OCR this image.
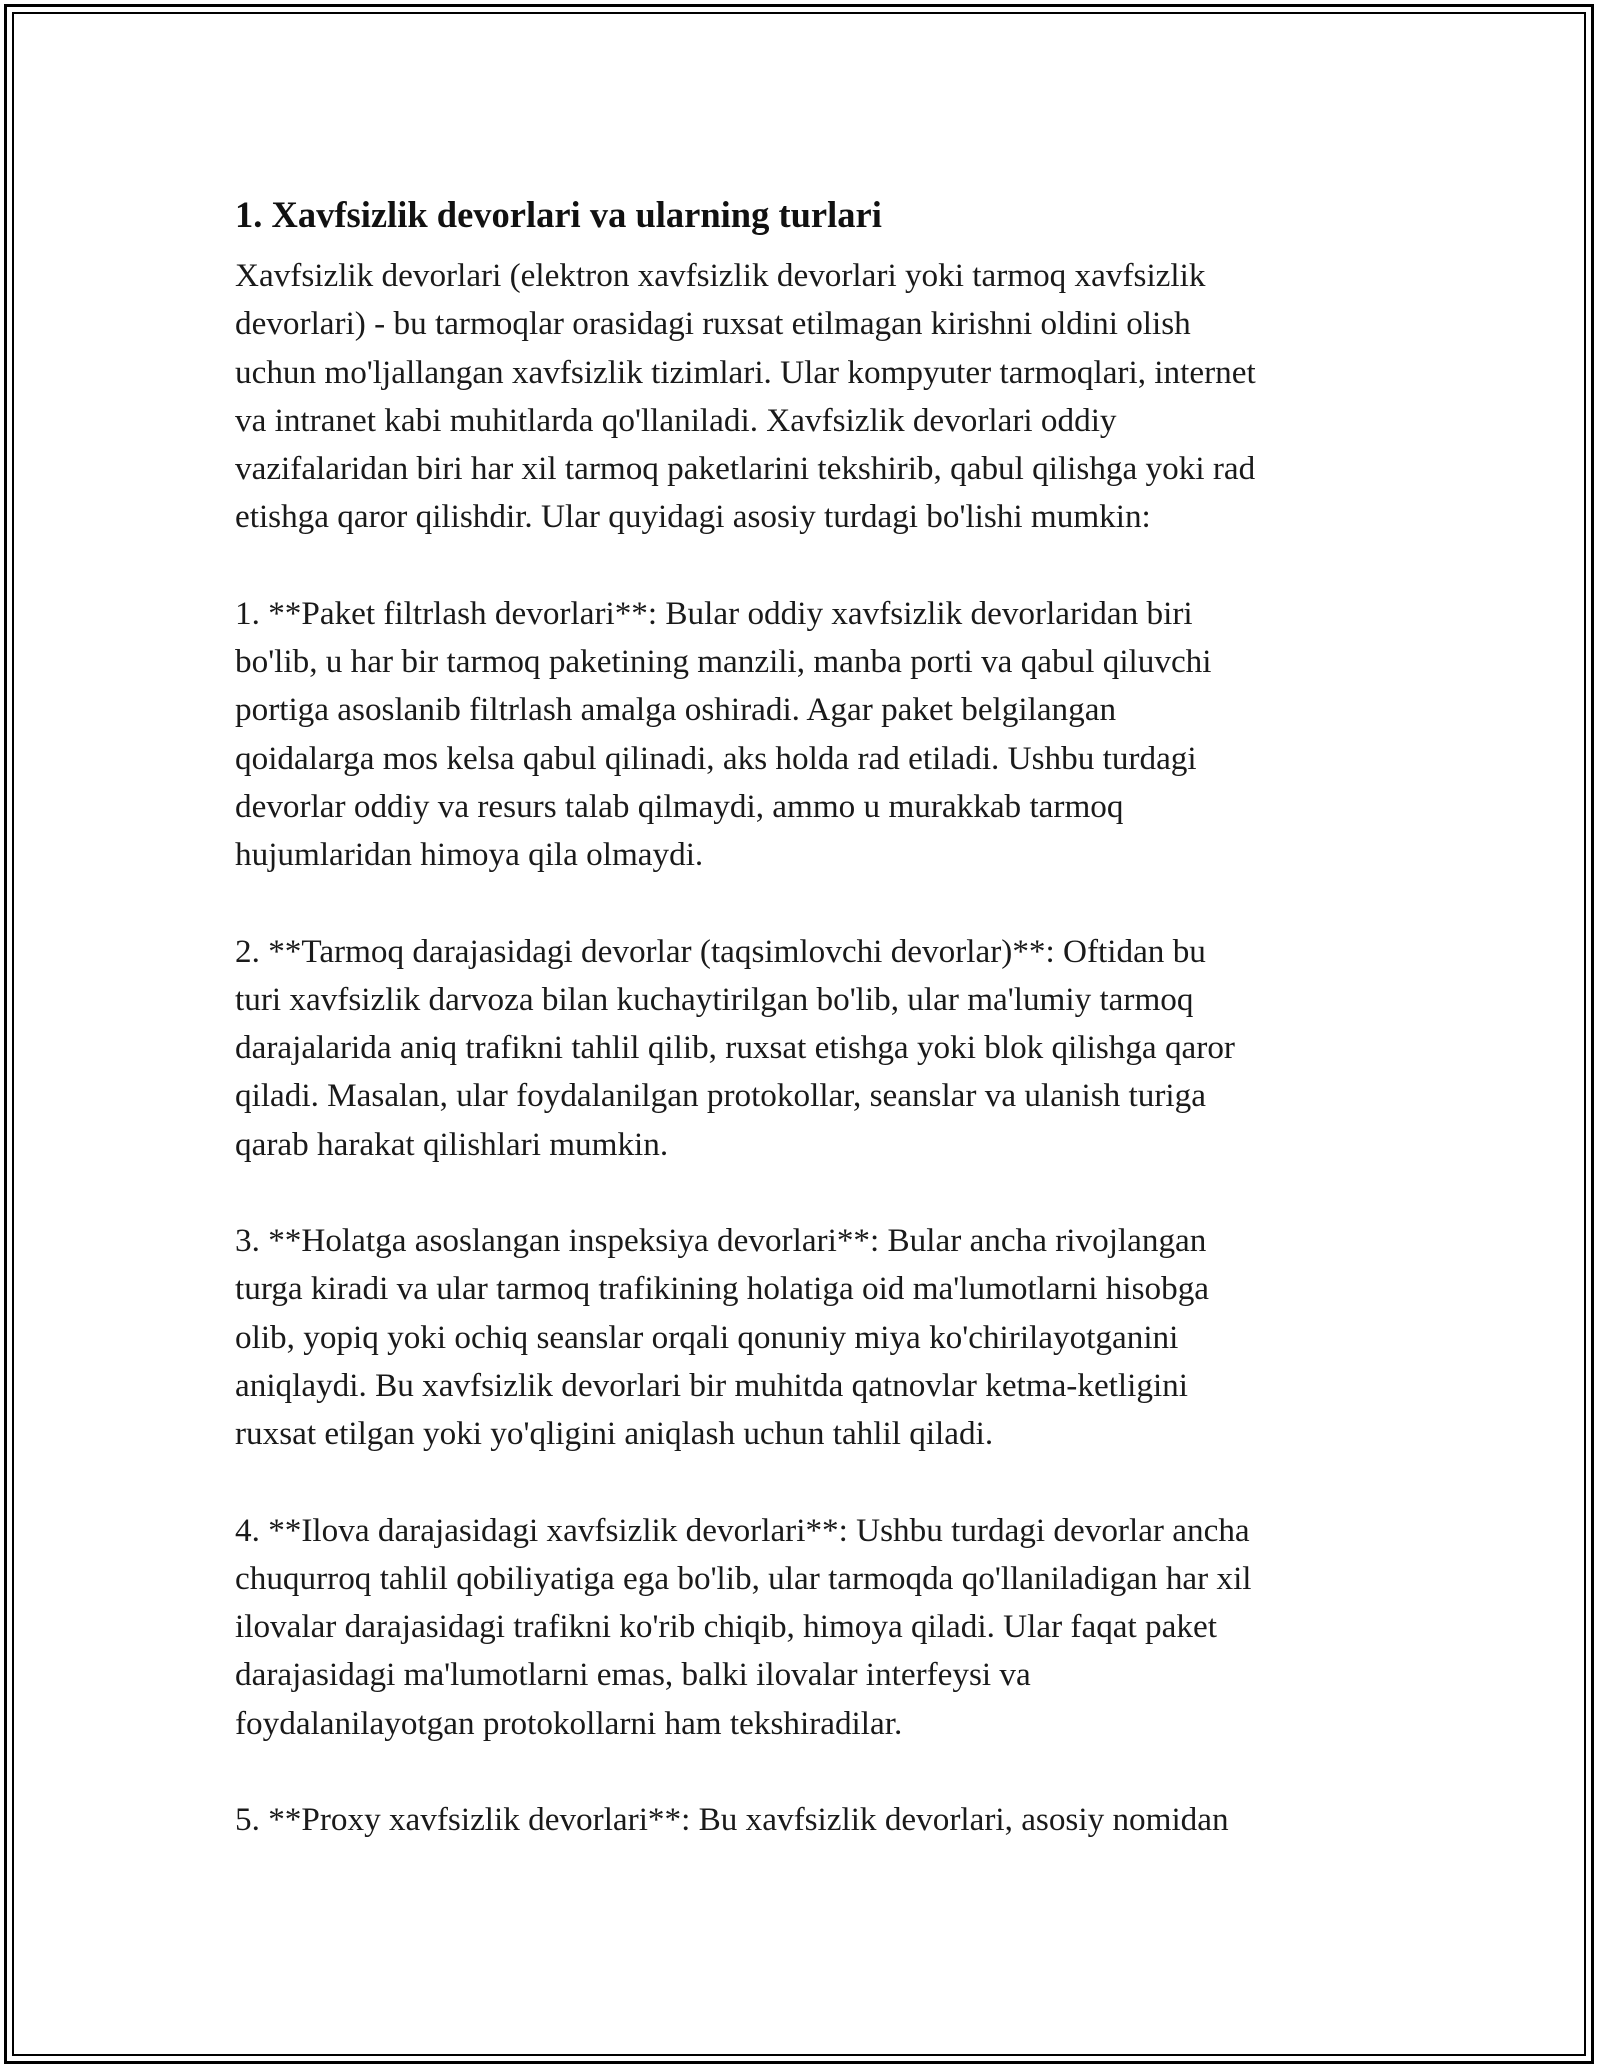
1. Xavfsizlik devorlari va ularning turlari

Xavfsizlik devorlari (elektron xavfsizlik devorlari yoki tarmoq xavfsizlik
devorlari) - bu tarmoqlar orasidagi ruxsat etilmagan kirishni oldini olish
uchun mo'ljallangan xavfsizlik tizimlari. Ular kompyuter tarmoqlari, internet
va intranet kabi muhitlarda qo'llaniladi. Xavfsizlik devorlari oddiy
vazifalaridan biri har xil tarmoq paketlarini tekshirib, qabul qilishga yoki rad
etishga qaror qilishdir. Ular quyidagi asosiy turdagi bo'lishi mumkin:

1. **Paket filtrlash devorlari**: Bular oddiy xavfsizlik devorlaridan biri
bo'lib, u har bir tarmoq paketining manzili, manba porti va qabul qiluvchi
portiga asoslanib filtrlash amalga oshiradi. Agar paket belgilangan
qoidalarga mos kelsa qabul qilinadi, aks holda rad etiladi. Ushbu turdagi
devorlar oddiy va resurs talab qilmaydi, ammo u murakkab tarmoq
hujumlaridan himoya qila olmaydi.

2. **Tarmoq darajasidagi devorlar (taqsimlovchi devorlar)**: Oftidan bu
turi xavfsizlik darvoza bilan kuchaytirilgan bo'lib, ular ma'lumiy tarmoq
darajalarida aniq trafikni tahlil qilib, ruxsat etishga yoki blok qilishga qaror
qiladi. Masalan, ular foydalanilgan protokollar, seanslar va ulanish turiga
qarab harakat qilishlari mumkin.

3. **Holatga asoslangan inspeksiya devorlari**: Bular ancha rivojlangan
turga kiradi va ular tarmoq trafikining holatiga oid ma'lumotlarni hisobga
olib, yopiq yoki ochiq seanslar orqali qonuniy miya ko'chirilayotganini
aniqlaydi. Bu xavfsizlik devorlari bir muhitda qatnovlar ketma-ketligini
ruxsat etilgan yoki yo'qligini aniqlash uchun tahlil qiladi.

4. **Ilova darajasidagi xavfsizlik devorlari**: Ushbu turdagi devorlar ancha
chuqurroq tahlil qobiliyatiga ega bo'lib, ular tarmoqda qo'llaniladigan har xil
ilovalar darajasidagi trafikni ko'rib chiqib, himoya qiladi. Ular faqat paket
darajasidagi ma'lumotlarni emas, balki ilovalar interfeysi va
foydalanilayotgan protokollarni ham tekshiradilar.

5. **Proxy xavfsizlik devorlari**: Bu xavfsizlik devorlari, asosiy nomidan
